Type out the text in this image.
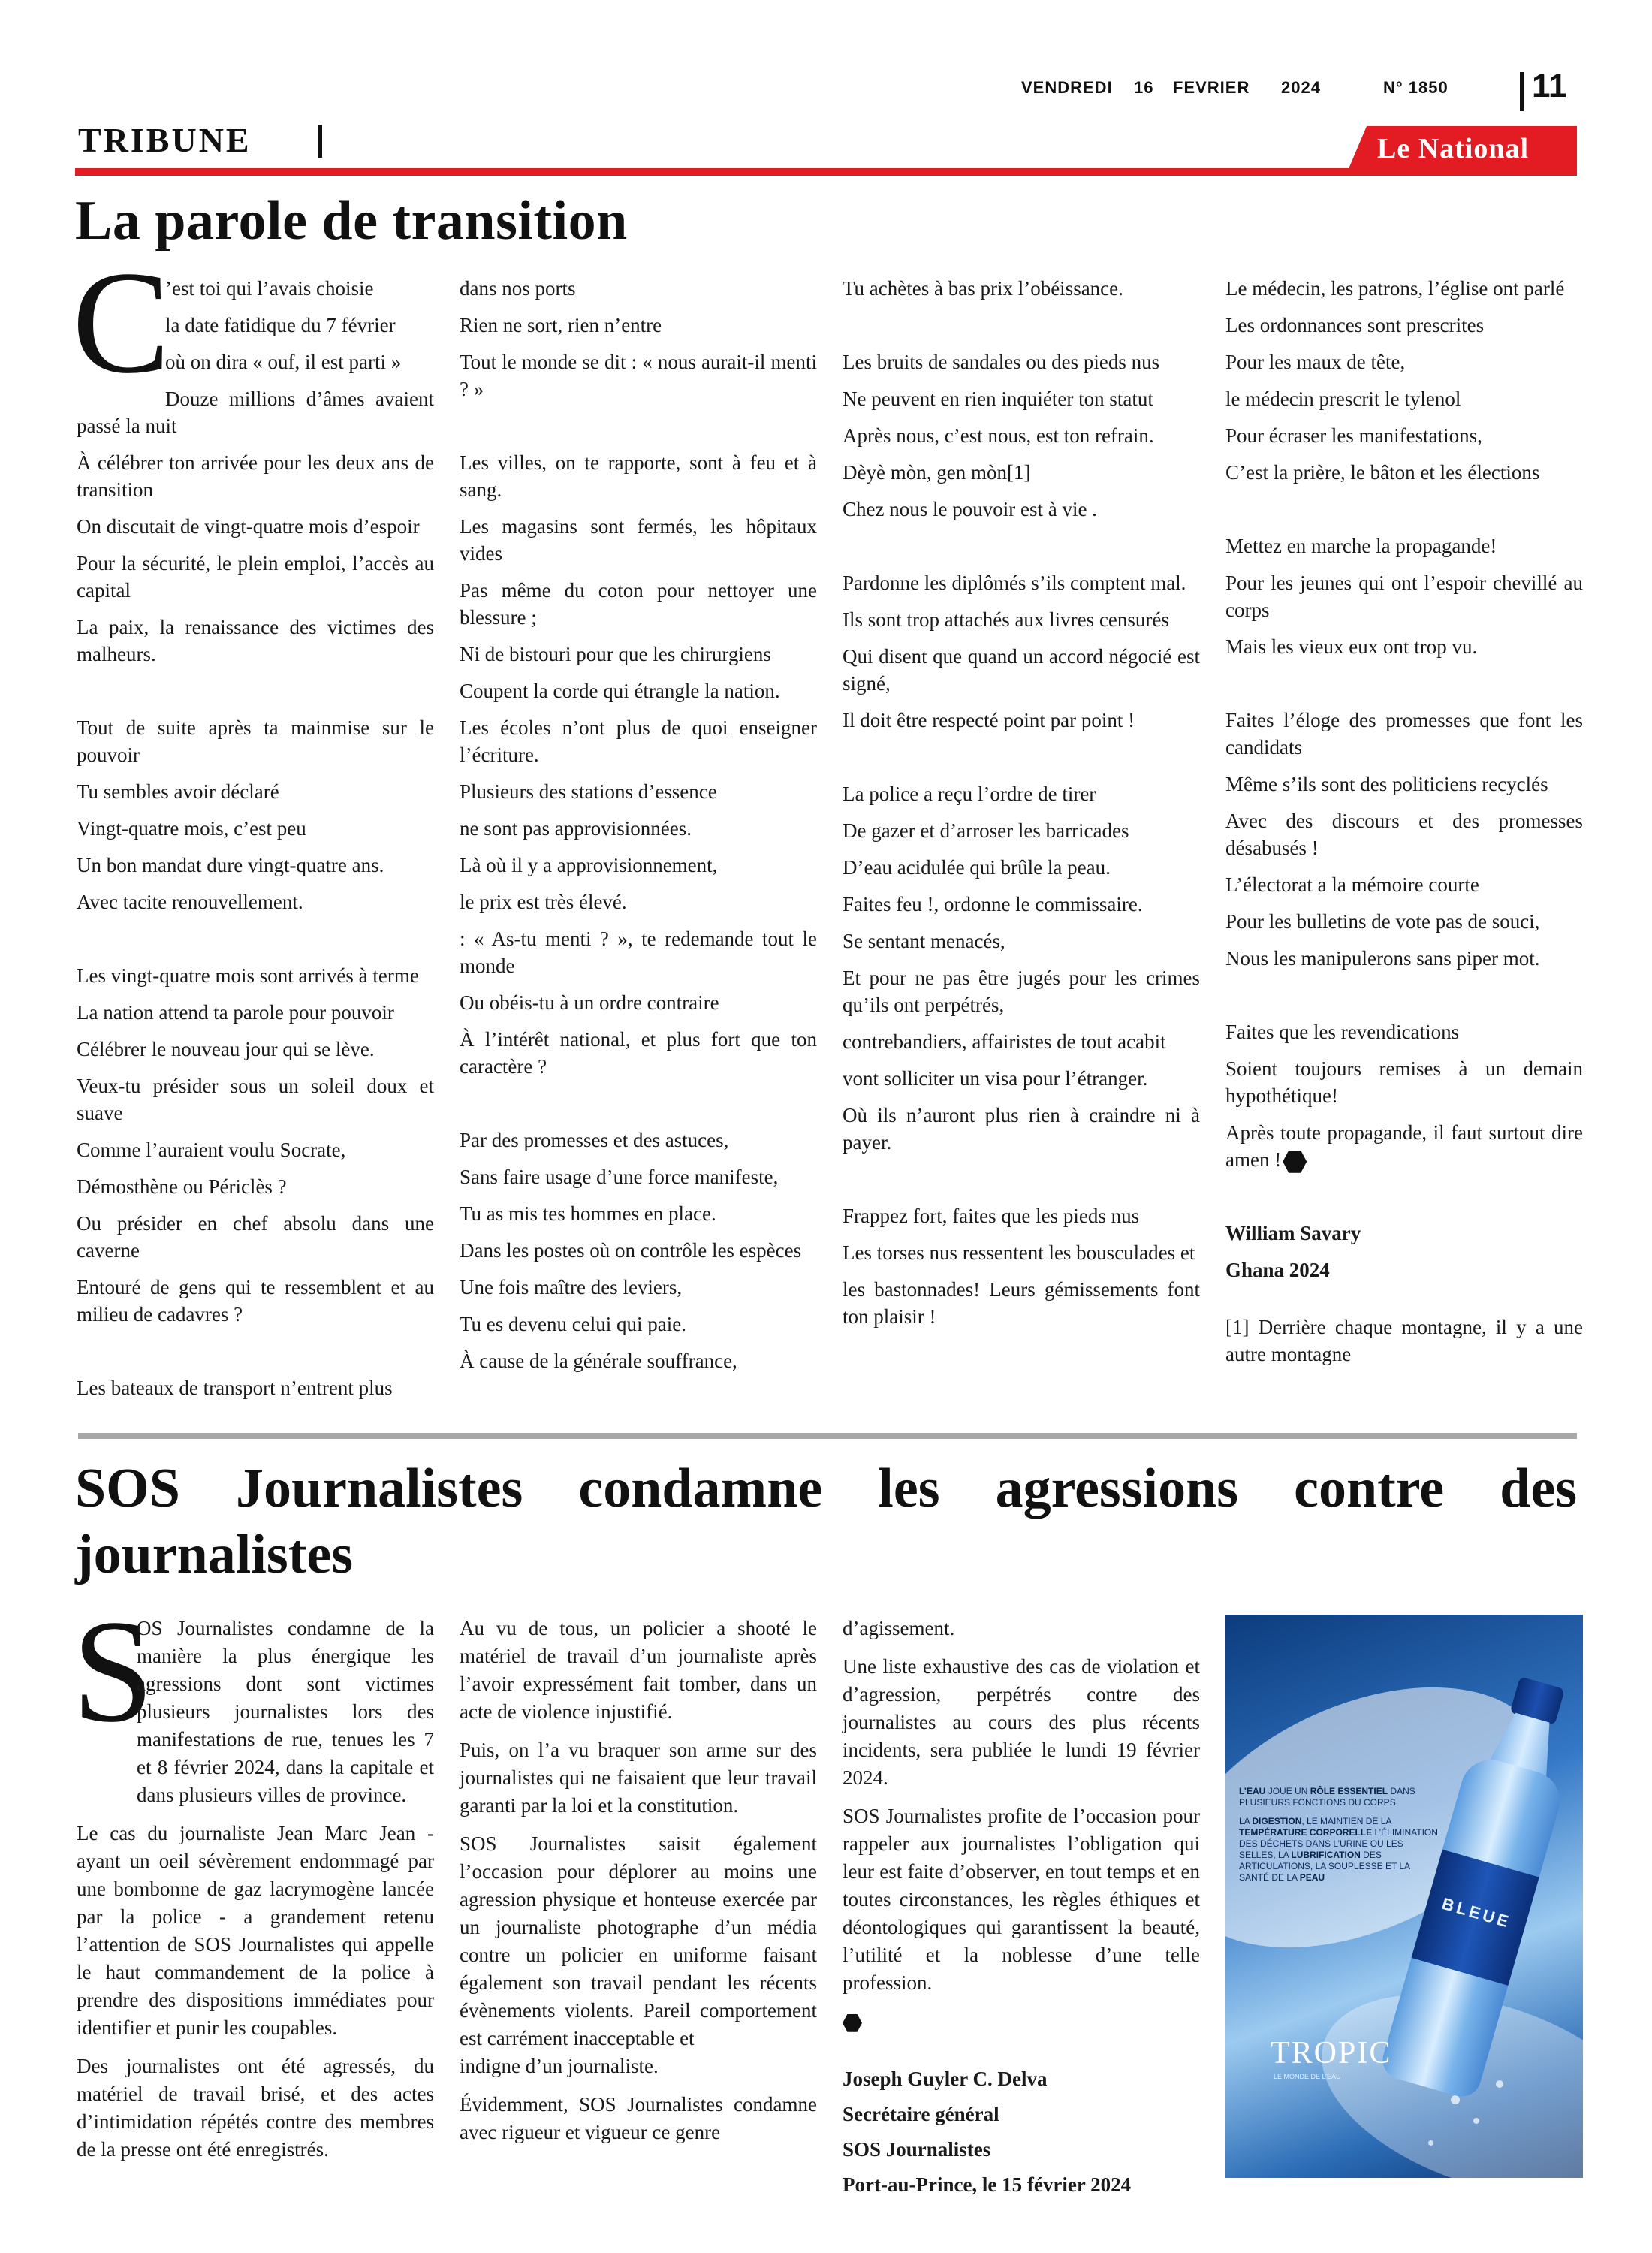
VENDREDI 16 FEVRIER 2024	N° 1850	11
TRIBUNE	Le National
La parole de transition
C

’est toi qui l’avais choisie

la date fatidique du 7 février

où on dira « ouf, il est parti »

Douze millions d’âmes avaient passé la nuit

À célébrer ton arrivée pour les deux ans de transition

On discutait de vingt-quatre mois d’espoir

Pour la sécurité, le plein emploi, l’accès au capital

La paix, la renaissance des victimes des malheurs.

Tout de suite après ta mainmise sur le pouvoir

Tu sembles avoir déclaré

Vingt-quatre mois, c’est peu

Un bon mandat dure vingt-quatre ans.

Avec tacite renouvellement.

Les vingt-quatre mois sont arrivés à terme

La nation attend ta parole pour pouvoir

Célébrer le nouveau jour qui se lève.

Veux-tu présider sous un soleil doux et suave

Comme l’auraient voulu Socrate,

Démosthène ou Périclès ?

Ou présider en chef absolu dans une caverne

Entouré de gens qui te ressemblent et au milieu de cadavres ?

Les bateaux de transport n’entrent plus

dans nos ports

Rien ne sort, rien n’entre

Tout le monde se dit : « nous aurait-il menti ? »

Les villes, on te rapporte, sont à feu et à sang.

Les magasins sont fermés, les hôpitaux vides

Pas même du coton pour nettoyer une blessure ;

Ni de bistouri pour que les chirurgiens

Coupent la corde qui étrangle la nation.

Les écoles n’ont plus de quoi enseigner l’écriture.

Plusieurs des stations d’essence

ne sont pas approvisionnées.

Là où il y a approvisionnement,

le prix est très élevé.

: « As-tu menti ? », te redemande tout le monde

Ou obéis-tu à un ordre contraire

À l’intérêt national, et plus fort que ton caractère ?

Par des promesses et des astuces,

Sans faire usage d’une force manifeste,

Tu as mis tes hommes en place.

Dans les postes où on contrôle les espèces

Une fois maître des leviers,

Tu es devenu celui qui paie.

À cause de la générale souffrance,

Tu achètes à bas prix l’obéissance.

Les bruits de sandales ou des pieds nus

Ne peuvent en rien inquiéter ton statut

Après nous, c’est nous, est ton refrain.

Dèyè mòn, gen mòn[1]

Chez nous le pouvoir est à vie .

Pardonne les diplômés s’ils comptent mal.

Ils sont trop attachés aux livres censurés

Qui disent que quand un accord négocié est signé,

Il doit être respecté point par point !

La police a reçu l’ordre de tirer

De gazer et d’arroser les barricades

D’eau acidulée qui brûle la peau.

Faites feu !, ordonne le commissaire.

Se sentant menacés,

Et pour ne pas être jugés pour les crimes qu’ils ont perpétrés,

contrebandiers, affairistes de tout acabit

vont solliciter un visa pour l’étranger.

Où ils n’auront plus rien à craindre ni à payer.

Frappez fort, faites que les pieds nus

Les torses nus ressentent les bousculades et

les bastonnades! Leurs gémissements font ton plaisir !

Le médecin, les patrons, l’église ont parlé

Les ordonnances sont prescrites

Pour les maux de tête,

le médecin prescrit le tylenol

Pour écraser les manifestations,

C’est la prière, le bâton et les élections

Mettez en marche la propagande!

Pour les jeunes qui ont l’espoir chevillé au corps

Mais les vieux eux ont trop vu.

Faites l’éloge des promesses que font les candidats

Même s’ils sont des politiciens recyclés

Avec des discours et des promesses désabusés !

L’électorat a la mémoire courte

Pour les bulletins de vote pas de souci,

Nous les manipulerons sans piper mot.

Faites que les revendications

Soient toujours remises à un demain hypothétique!

Après toute propagande, il faut surtout dire amen !

William Savary

Ghana 2024

[1] Derrière chaque montagne, il y a une autre montagne

SOS Journalistes condamne les agressions contre des
journalistes
S

OS Journalistes condamne de la manière la plus énergique les agressions dont sont victimes plusieurs journalistes lors des manifestations de rue, tenues les 7 et 8 février 2024, dans la capitale et dans plusieurs villes de province.

Le cas du journaliste Jean Marc Jean - ayant un oeil sévèrement endommagé par une bombonne de gaz lacrymogène lancée par la police - a grandement retenu l’attention de SOS Journalistes qui appelle le haut commandement de la police à prendre des dispositions immédiates pour identifier et punir les coupables.

Des journalistes ont été agressés, du matériel de travail brisé, et des actes d’intimidation répétés contre des membres de la presse ont été enregistrés.

Au vu de tous, un policier a shooté le matériel de travail d’un journaliste après l’avoir expressément fait tomber, dans un acte de violence injustifié.

Puis, on l’a vu braquer son arme sur des journalistes qui ne faisaient que leur travail garanti par la loi et la constitution.

SOS Journalistes saisit également l’occasion pour déplorer au moins une agression physique et honteuse exercée par un journaliste photographe d’un média contre un policier en uniforme faisant également son travail pendant les récents évènements violents. Pareil comportement est carrément inacceptable et

indigne d’un journaliste.

Évidemment, SOS Journalistes condamne avec rigueur et vigueur ce genre

d’agissement.

Une liste exhaustive des cas de violation et d’agression, perpétrés contre des journalistes au cours des plus récents incidents, sera publiée le lundi 19 février 2024.

SOS Journalistes profite de l’occasion pour rappeler aux journalistes l’obligation qui leur est faite d’observer, en tout temps et en toutes circonstances, les règles éthiques et déontologiques qui garantissent la beauté, l’utilité et la noblesse d’une telle profession.

Joseph Guyler C. Delva

Secrétaire général

SOS Journalistes

Port-au-Prince, le 15 février 2024

L’EAU JOUE UN RÔLE ESSENTIEL DANS PLUSIEURS FONCTIONS DU CORPS.
LA DIGESTION, LE MAINTIEN DE LA TEMPÉRATURE CORPORELLE L’ÉLIMINATION DES DÉCHETS DANS L’URINE OU LES SELLES, LA LUBRIFICATION DES ARTICULATIONS, LA SOUPLESSE ET LA SANTÉ DE LA PEAU
BLEUE
TROPIC
LE MONDE DE L’EAU
